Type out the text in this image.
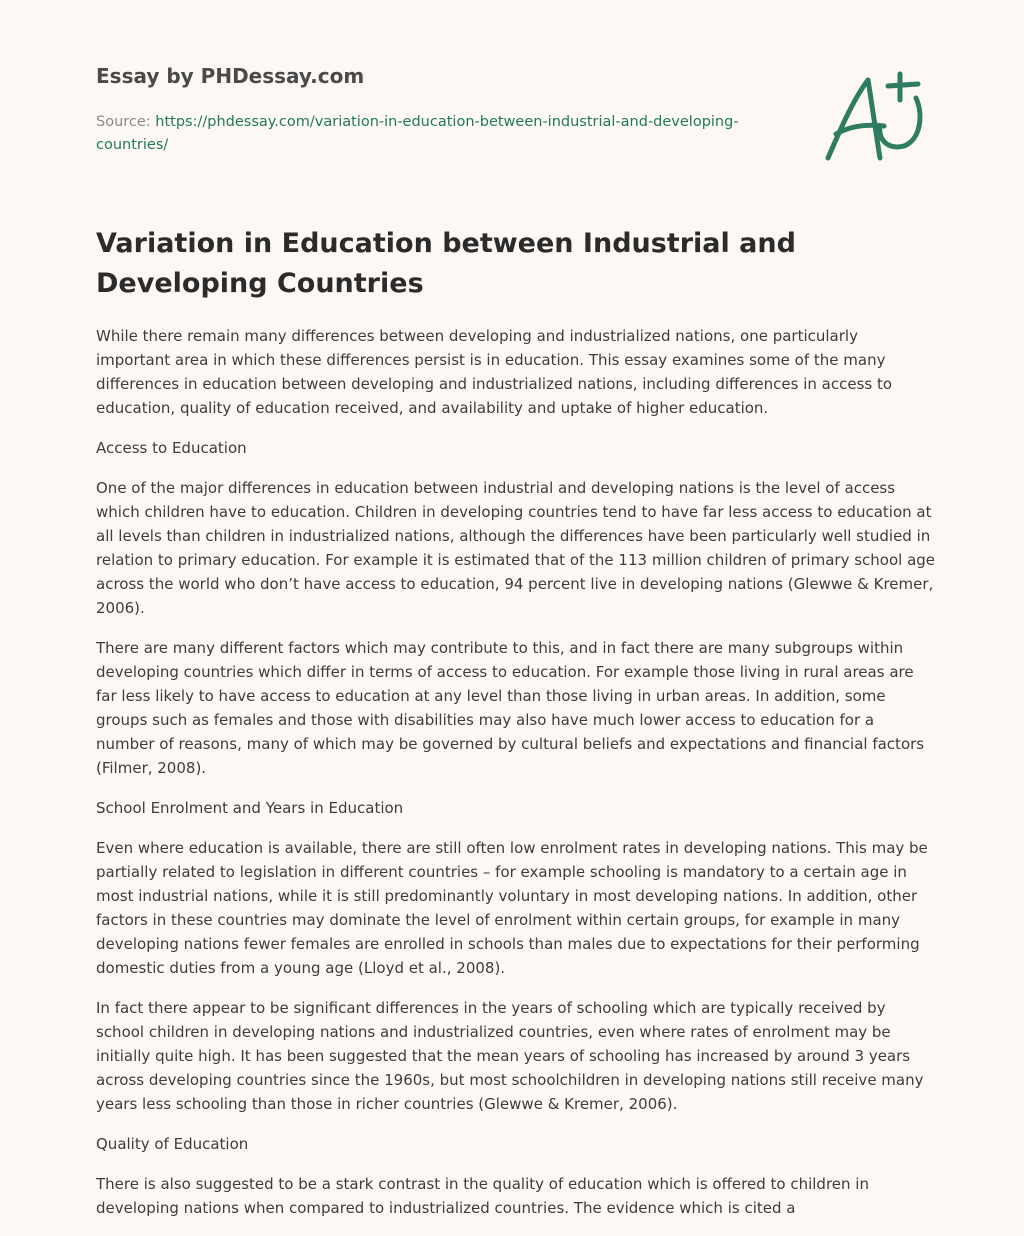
Essay by PHDessay.com
Source: https://phdessay.com/variation-in-education-between-industrial-and-developing-
countries/
Variation in Education between Industrial and Developing Countries

While there remain many differences between developing and industrialized nations, one particularly important area in which these differences persist is in education. This essay examines some of the many differences in education between developing and industrialized nations, including differences in access to education, quality of education received, and availability and uptake of higher education.

Access to Education

One of the major differences in education between industrial and developing nations is the level of access which children have to education. Children in developing countries tend to have far less access to education at all levels than children in industrialized nations, although the differences have been particularly well studied in relation to primary education. For example it is estimated that of the 113 million children of primary school age across the world who don’t have access to education, 94 percent live in developing nations (Glewwe & Kremer, 2006).

There are many different factors which may contribute to this, and in fact there are many subgroups within developing countries which differ in terms of access to education. For example those living in rural areas are far less likely to have access to education at any level than those living in urban areas. In addition, some groups such as females and those with disabilities may also have much lower access to education for a number of reasons, many of which may be governed by cultural beliefs and expectations and financial factors (Filmer, 2008).

School Enrolment and Years in Education

Even where education is available, there are still often low enrolment rates in developing nations. This may be partially related to legislation in different countries – for example schooling is mandatory to a certain age in most industrial nations, while it is still predominantly voluntary in most developing nations. In addition, other factors in these countries may dominate the level of enrolment within certain groups, for example in many developing nations fewer females are enrolled in schools than males due to expectations for their performing domestic duties from a young age (Lloyd et al., 2008).

In fact there appear to be significant differences in the years of schooling which are typically received by school children in developing nations and industrialized countries, even where rates of enrolment may be initially quite high. It has been suggested that the mean years of schooling has increased by around 3 years across developing countries since the 1960s, but most schoolchildren in developing nations still receive many years less schooling than those in richer countries (Glewwe & Kremer, 2006).

Quality of Education

There is also suggested to be a stark contrast in the quality of education which is offered to children in developing nations when compared to industrialized countries. The evidence which is cited a
